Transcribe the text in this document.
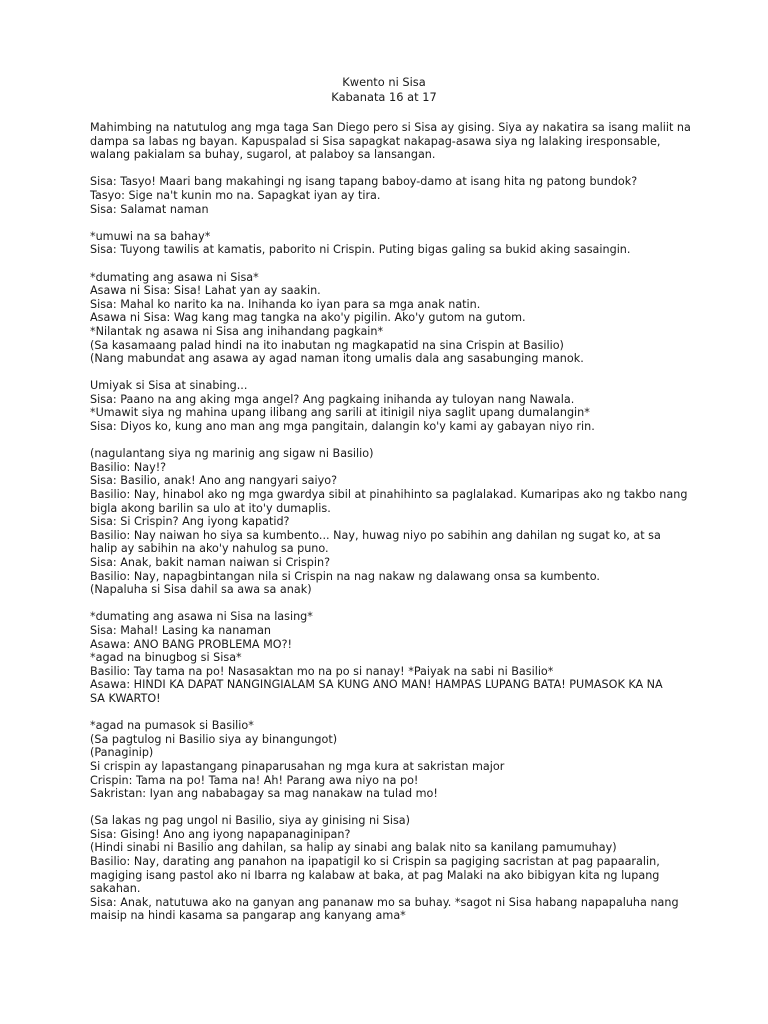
Kwento ni Sisa
Kabanata 16 at 17
Mahimbing na natutulog ang mga taga San Diego pero si Sisa ay gising. Siya ay nakatira sa isang maliit na
dampa sa labas ng bayan. Kapuspalad si Sisa sapagkat nakapag-asawa siya ng lalaking iresponsable,
walang pakialam sa buhay, sugarol, at palaboy sa lansangan.
Sisa: Tasyo! Maari bang makahingi ng isang tapang baboy-damo at isang hita ng patong bundok?
Tasyo: Sige na't kunin mo na. Sapagkat iyan ay tira.
Sisa: Salamat naman
*umuwi na sa bahay*
Sisa: Tuyong tawilis at kamatis, paborito ni Crispin. Puting bigas galing sa bukid aking sasaingin.
*dumating ang asawa ni Sisa*
Asawa ni Sisa: Sisa! Lahat yan ay saakin.
Sisa: Mahal ko narito ka na. Inihanda ko iyan para sa mga anak natin.
Asawa ni Sisa: Wag kang mag tangka na ako'y pigilin. Ako'y gutom na gutom.
*Nilantak ng asawa ni Sisa ang inihandang pagkain*
(Sa kasamaang palad hindi na ito inabutan ng magkapatid na sina Crispin at Basilio)
(Nang mabundat ang asawa ay agad naman itong umalis dala ang sasabunging manok.
Umiyak si Sisa at sinabing...
Sisa: Paano na ang aking mga angel? Ang pagkaing inihanda ay tuloyan nang Nawala.
*Umawit siya ng mahina upang ilibang ang sarili at itinigil niya saglit upang dumalangin*
Sisa: Diyos ko, kung ano man ang mga pangitain, dalangin ko'y kami ay gabayan niyo rin.
(nagulantang siya ng marinig ang sigaw ni Basilio)
Basilio: Nay!?
Sisa: Basilio, anak! Ano ang nangyari saiyo?
Basilio: Nay, hinabol ako ng mga gwardya sibil at pinahihinto sa paglalakad. Kumaripas ako ng takbo nang
bigla akong barilin sa ulo at ito'y dumaplis.
Sisa: Si Crispin? Ang iyong kapatid?
Basilio: Nay naiwan ho siya sa kumbento... Nay, huwag niyo po sabihin ang dahilan ng sugat ko, at sa
halip ay sabihin na ako'y nahulog sa puno.
Sisa: Anak, bakit naman naiwan si Crispin?
Basilio: Nay, napagbintangan nila si Crispin na nag nakaw ng dalawang onsa sa kumbento.
(Napaluha si Sisa dahil sa awa sa anak)
*dumating ang asawa ni Sisa na lasing*
Sisa: Mahal! Lasing ka nanaman
Asawa: ANO BANG PROBLEMA MO?!
*agad na binugbog si Sisa*
Basilio: Tay tama na po! Nasasaktan mo na po si nanay! *Paiyak na sabi ni Basilio*
Asawa: HINDI KA DAPAT NANGINGIALAM SA KUNG ANO MAN! HAMPAS LUPANG BATA! PUMASOK KA NA
SA KWARTO!
*agad na pumasok si Basilio*
(Sa pagtulog ni Basilio siya ay binangungot)
(Panaginip)
Si crispin ay lapastangang pinaparusahan ng mga kura at sakristan major
Crispin: Tama na po! Tama na! Ah! Parang awa niyo na po!
Sakristan: Iyan ang nababagay sa mag nanakaw na tulad mo!
(Sa lakas ng pag ungol ni Basilio, siya ay ginising ni Sisa)
Sisa: Gising! Ano ang iyong napapanaginipan?
(Hindi sinabi ni Basilio ang dahilan, sa halip ay sinabi ang balak nito sa kanilang pamumuhay)
Basilio: Nay, darating ang panahon na ipapatigil ko si Crispin sa pagiging sacristan at pag papaaralin,
magiging isang pastol ako ni Ibarra ng kalabaw at baka, at pag Malaki na ako bibigyan kita ng lupang
sakahan.
Sisa: Anak, natutuwa ako na ganyan ang pananaw mo sa buhay. *sagot ni Sisa habang napapaluha nang
maisip na hindi kasama sa pangarap ang kanyang ama*
